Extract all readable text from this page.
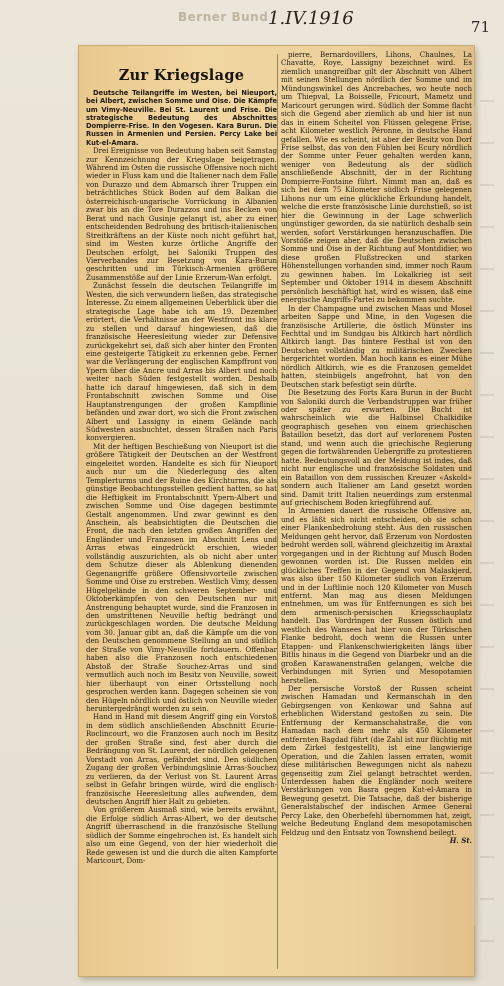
Berner Bund 1.IV.1916	71
Zur Kriegslage

Deutsche Teilangriffe im Westen, bei Nieuport, bei Albert, zwischen Somme und Oise. Die Kämpfe um Vimy-Neuville. Bei St. Laurent und Frise. Die strategische Bedeutung des Abschnittes Dompierre-Frise. In den Vogesen. Kara Burun. Die Russen in Armenien und Persien. Percy Lake bei Kut-el-Amara.

Drei Ereignisse von Bedeutung haben seit Samstag zur Kennzeichnung der Kriegslage beigetragen. Während im Osten die russische Offensive noch nicht wieder in Fluss kam und die Italiener nach dem Falle von Durazzo und dem Abmarsch ihrer Truppen ein beträchtliches Stück Boden auf dem Balkan die österreichisch-ungarische Vorrückung in Albanien zwar bis an die Tore Durazzos und ins Becken von Berat und nach Gusinje gelangt ist, aber zu einer entscheidenden Bedrohung des britisch-italienischen Streitkräftens an der Küste noch nicht geführt hat, sind im Westen kurze örtliche Angriffe der Deutschen erfolgt, bei Saloniki Truppen des Vierverbandes zur Besetzung von Kara-Burun geschritten und im Türkisch-Armenien größere Zusammenstöße auf der Linie Erzerum-Wan erfolgt.

Zunächst fesseln die deutschen Teilangriffe im Westen, die sich verwundern ließen, das strategische Interesse. Zu einem allgemeinen Ueberblick über die strategische Lage habe ich am 19. Dezember erörtert, die Verhältnisse an der Westfront ins klare zu stellen und darauf hingewiesen, daß die französische Heeresleitung wieder zur Defensive zurückgekehrt sei, daß sich aber hinter den Fronten eine gesteigerte Tätigkeit zu erkennen gebe. Ferner war die Verlängerung der englischen Kampffront von Ypern über die Ancre und Arras bis Albert und noch weiter nach Süden festgestellt worden. Deshalb hatte ich darauf hingewiesen, daß sich in dem Frontabschnitt zwischen Somme und Oise Hauptanstrengungen der großen Kampflinie befänden und zwar dort, wo sich die Front zwischen Albert und Lassigny in einem Gelände nach Südwesten ausbuchtet, dessen Straßen nach Paris konvergieren.

Mit der heftigen Beschießung von Nieuport ist die größere Tätigkeit der Deutschen an der Westfront eingeleitet worden. Handelte es sich für Nieuport auch nur um die Niederlegung des alten Templerturms und der Ruine des Kirchturms, die als günstige Beobachtungsstellen gedient hatten, so hat die Heftigkeit im Frontabschnitt Ypern-Albert und zwischen Somme und Oise dagegen bestimmte Gestalt angenommen. Und zwar gewinnt es den Anschein, als beabsichtigten die Deutschen die Front, die nach den letzten großen Angriffen der Engländer und Franzosen im Abschnitt Lens und Arras etwas eingedrückt erschien, wieder vollständig auszurichten, als ob nicht aber unter dem Schutze dieser als Ablenkung dienenden Gegenangriffe größere Offensivvorteile zwischen Somme und Oise zu erstreben. Westlich Vimy, dessen Hügelgelände in den schweren September- und Oktoberkämpfen von den Deutschen nur mit Anstrengung behauptet wurde, sind die Franzosen in den umstrittenen Neuville heftig bedrängt und zurückgeschlagen worden. Die deutsche Meldung vom 30. Januar gibt an, daß die Kämpfe um die von den Deutschen genommene Stellung an und südlich der Straße von Vimy-Neuville fortdauern. Offenbar haben also die Franzosen noch entschiedenen Abstoß der Straße Souchez-Arras und sind vermutlich auch noch im Besitz von Neuville, soweit hier überhaupt von einer Ortsstellung noch gesprochen werden kann. Dagegen scheinen sie von den Hügeln nördlich und östlich von Neuville wieder heruntergedrängt worden zu sein.

Hand in Hand mit diesem Angriff ging ein Vorstoß in dem südlich anschließenden Abschnitt Ecurie-Roclincourt, wo die Franzosen auch noch im Besitz der großen Straße sind, fest aber durch die Bedrängung von St. Laurent, der nördlich gelegenen Vorstadt von Arras, gefährdet sind. Den südlichen Zugang der großen Verbindungslinie Arras-Souchez zu verlieren, da der Verlust von St. Laurent Arras selbst in Gefahr bringen würde, wird die englisch-französische Heeresleitung alles aufwenden, dem deutschen Angriff hier Halt zu gebieten.

Von größerem Ausmaß sind, wie bereits erwähnt, die Erfolge südlich Arras-Albert, wo der deutsche Angriff überraschend in die französische Stellung südlich der Somme eingebrochen ist. Es handelt sich also um eine Gegend, von der hier wiederholt die Rede gewesen ist und die durch die alten Kampforte Maricourt, Dom-

pierre, Bernardovillers, Lihons, Chaulnes, La Chavatte, Roye, Lassigny bezeichnet wird. Es ziemlich unangreifbar gilt der Abschnitt von Albert mit seinen Stellungen nördlich der Somme und im Mündungswinkel des Ancrebaches, wo heute noch um Thiepval, La Boisselle, Fricourt, Mametz und Maricourt gerungen wird. Südlich der Somme flacht sich die Gegend aber ziemlich ab und hier ist nun das in einem Scheitel von Flüssen gelegene Frise, acht Kilometer westlich Péronne, in deutsche Hand gefallen. Wie es scheint, ist aber der Besitz von Dorf Frise selbst, das von den Fühlen bei Ecury nördlich der Somme unter Feuer gehalten werden kann, weniger von Bedeutung als der südlich anschließende Abschnitt, der in der Richtung Dompierre-Fontaine führt. Nimmt man an, daß es sich bei dem 75 Kilometer südlich Frise gelegenen Lihons nur um eine glückliche Erkundung handelt, welche die erste französische Linie durchstieß, so ist hier die Gewinnung in der Lage schwerlich ungünstiger geworden, da sie natürlich deshalb sein werden, sofort Verstärkungen heranzuschaffen. Die Vorstöße zeigen aber, daß die Deutschen zwischen Somme und Oise in der Richtung auf Montdidier, wo diese großen Flußstrecken und starken Höhenstellungen vorhanden sind, immer noch Raum zu gewinnen haben. Im Lokalkrieg ist seit September und Oktober 1914 in diesem Abschnitt persönlich beschäftigt hat, wird es wissen, daß eine energische Angriffs-Partei zu bekommen suchte.

In der Champagne und zwischen Maas und Mosel arbeiten Sappe und Mine, in den Vogesen die französische Artillerie, die östlich Münster ins Fechttal und im Sundgau bis Altkirch hart nördlich Altkirch langt. Das hintere Festhal ist von den Deutschen vollständig zu militärischen Zwecken hergerichtet worden. Man hoch kann es einer Mühe nördlich Altkirch, wie es die Franzosen gemeldet hatten, steinbügels angefrohnt, hat von den Deutschen stark befestigt sein dürfte.

Die Besetzung des Forts Kara Burun in der Bucht von Saloniki durch die Verbandstruppen war früher oder später zu erwarten. Die Bucht ist wahrscheinlich wie die Halbinsel Chalkidike geographisch gesehen von einem griechischen Bataillon besetzt, das dort auf verlorenem Posten stand, und wenn auch die griechische Regierung gegen die fortwährenden Uebergriffe zu protestieren hatte. Bedeutungsvoll an der Meldung ist indes, daß nicht nur englische und französische Soldaten und ein Bataillon von dem russischen Kreuzer «Askold» sondern auch Italiener am Land gesetzt worden sind. Damit tritt Italien neuerdings zum erstenmal auf griechischem Boden kriegführend auf.

In Armenien dauert die russische Offensive an, und es läßt sich nicht entscheiden, ob sie schon einer Flankenbedrohung steht. Aus den russischen Meldungen geht hervor, daß Erzerum von Nordosten bedroht werden soll, während gleichzeitig im Araxtal vorgegangen und in der Richtung auf Musch Boden gewonnen worden ist. Die Russen melden ein glückliches Treffen in der Gegend von Malaskjerd, was also über 150 Kilometer südlich von Erzerum und in der Luftlinie noch 120 Kilometer von Musch entfernt. Man mag aus diesen Meldungen entnehmen, um was für Entfernungen es sich bei dem armenisch-persischen Kriegsschauplatz handelt. Das Vordringen der Russen östlich und westlich des Wansees hat hier von der Türkischen Flanke bedroht, doch wenn die Russen unter Etappen- und Flankenschwierigkeiten längs über Bitlis hinaus in die Gegend von Diarbekr und an die großen Karawanenstraßen gelangen, welche die Verbindungen mit Syrien und Mesopotamien herstellen.

Der persische Vorstoß der Russen scheint zwischen Hamadan und Kermanschah in den Gebirgsengen von Kenkowar und Sahna auf erheblichen Widerstand gestoßen zu sein. Die Entfernung der Kermanschahstraße, die von Hamadan nach dem mehr als 450 Kilometer entfernten Bagdad führt (die Zahl ist nur flüchtig mit dem Zirkel festgestellt), ist eine langwierige Operation, und die Zahlen lassen erraten, womit diese militärischen Bewegungen nicht als nahezu gegenseitig zum Ziel gelangt betrachtet werden. Unterdessen haben die Engländer noch weitere Verstärkungen von Basra gegen Kut-el-Amara in Bewegung gesetzt. Die Tatsache, daß der bisherige Generalstabschef der indischen Armee General Percy Lake, den Oberbefehl übernommen hat, zeigt, welche Bedeutung England dem mesopotamischen Feldzug und den Entsatz von Townshend beilegt.

H. St.
